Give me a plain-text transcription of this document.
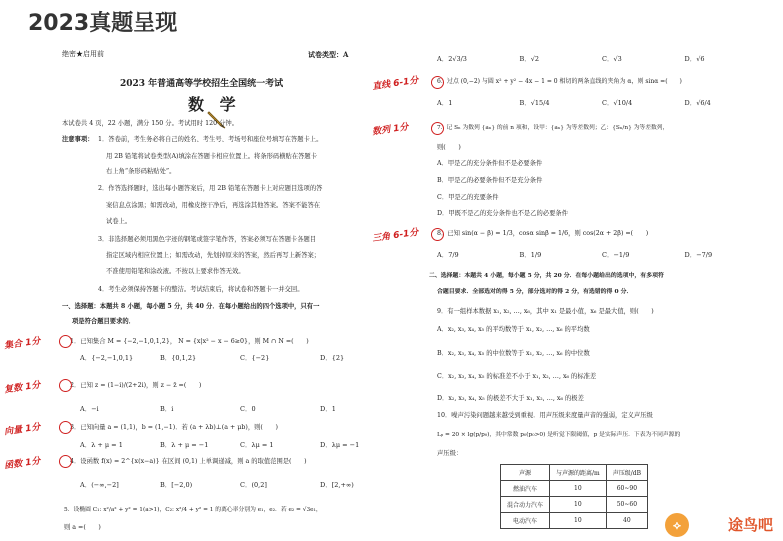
2023真题呈现
绝密★启用前	试卷类型：A
2023 年普通高等学校招生全国统一考试
数 学
本试卷共 4 页，22 小题，满分 150 分。考试用时 120 分钟。
注意事项： 1．答卷前，考生务必将自己的姓名、考生号、考场号和座位号填写在答题卡上。
用 2B 铅笔将试卷类型(A)填涂在答题卡相应位置上。将条形码横贴在答题卡
右上角“条形码粘贴处”。
2．作答选择题时，选出每小题答案后，用 2B 铅笔在答题卡上对应题目选项的答
案信息点涂黑；如需改动，用橡皮擦干净后，再选涂其他答案。答案不能答在
试卷上。
3．非选择题必须用黑色字迹的钢笔或签字笔作答，答案必须写在答题卡各题目
指定区域内相应位置上；如需改动，先划掉原来的答案，然后再写上新答案；
不准使用铅笔和涂改液。不按以上要求作答无效。
4．考生必须保持答题卡的整洁。考试结束后，将试卷和答题卡一并交回。
一、选择题：本题共 8 小题，每小题 5 分，共 40 分．在每小题给出的四个选项中，只有一
项是符合题目要求的．
1．已知集合 M = {−2,−1,0,1,2}， N = {x|x² − x − 6≥0}，则 M ∩ N =(　　)
A．{−2,−1,0,1}	B．{0,1,2}	C．{−2}	D．{2}
2．已知 z = (1−i)/(2+2i)，则 z − z̄ =(　　)
A．−i	B．i	C．0	D．1
3．已知向量 a = (1,1)，b = (1,−1)．若 (a + λb)⊥(a + μb)，则(　　)
A．λ + μ = 1	B．λ + μ = −1	C．λμ = 1	D．λμ = −1
4．设函数 f(x) = 2^{x(x−a)} 在区间 (0,1) 上单调递减，则 a 的取值范围是(　　)
A．(−∞,−2]	B．[−2,0)	C．(0,2]	D．[2,+∞)
5．设椭圆 C₁: x²/a² + y² = 1(a>1)，C₂: x²/4 + y² = 1 的离心率分别为 e₁，e₂．若 e₂ = √3e₁，
则 a =(　　)
A．2√3/3	B．√2	C．√3	D．√6
6．过点 (0,−2) 与圆 x² + y² − 4x − 1 = 0 相切的两条直线的夹角为 α，则 sinα =(　　)
A．1	B．√15/4	C．√10/4	D．√6/4
7．记 Sₙ 为数列 {aₙ} 的前 n 项和，设甲：{aₙ} 为等差数列；乙：{Sₙ/n} 为等差数列，
则(　　)
A．甲是乙的充分条件但不是必要条件
B．甲是乙的必要条件但不是充分条件
C．甲是乙的充要条件
D．甲既不是乙的充分条件也不是乙的必要条件
8．已知 sin(α − β) = 1/3，cosα sinβ = 1/6，则 cos(2α + 2β) =(　　)
A．7/9	B．1/9	C．−1/9	D．−7/9
二、选择题：本题共 4 小题，每小题 5 分，共 20 分．在每小题给出的选项中，有多项符
合题目要求．全部选对的得 5 分，部分选对的得 2 分，有选错的得 0 分．
9．有一组样本数据 x₁, x₂, …, x₆，其中 x₁ 是最小值，x₆ 是最大值，则(　　)
A．x₂, x₃, x₄, x₅ 的平均数等于 x₁, x₂, …, x₆ 的平均数
B．x₂, x₃, x₄, x₅ 的中位数等于 x₁, x₂, …, x₆ 的中位数
C．x₂, x₃, x₄, x₅ 的标准差不小于 x₁, x₂, …, x₆ 的标准差
D．x₂, x₃, x₄, x₅ 的极差不大于 x₁, x₂, …, x₆ 的极差
10．噪声污染问题越来越受到重视．用声压级来度量声音的强弱，定义声压级
Lₚ = 20 × lg(p/p₀)，其中常数 p₀(p₀>0) 是听觉下限阈值，p 是实际声压．下表为不同声源的
声压级：
声源	与声源的距离/m	声压级/dB
燃油汽车	10	60~90
混合动力汽车	10	50~60
电动汽车	10	40
集合 1分
复数 1分
向量 1分
函数 1分
直线 6-1分
数列 1分
三角 6-1分
⟡	途鸟吧
